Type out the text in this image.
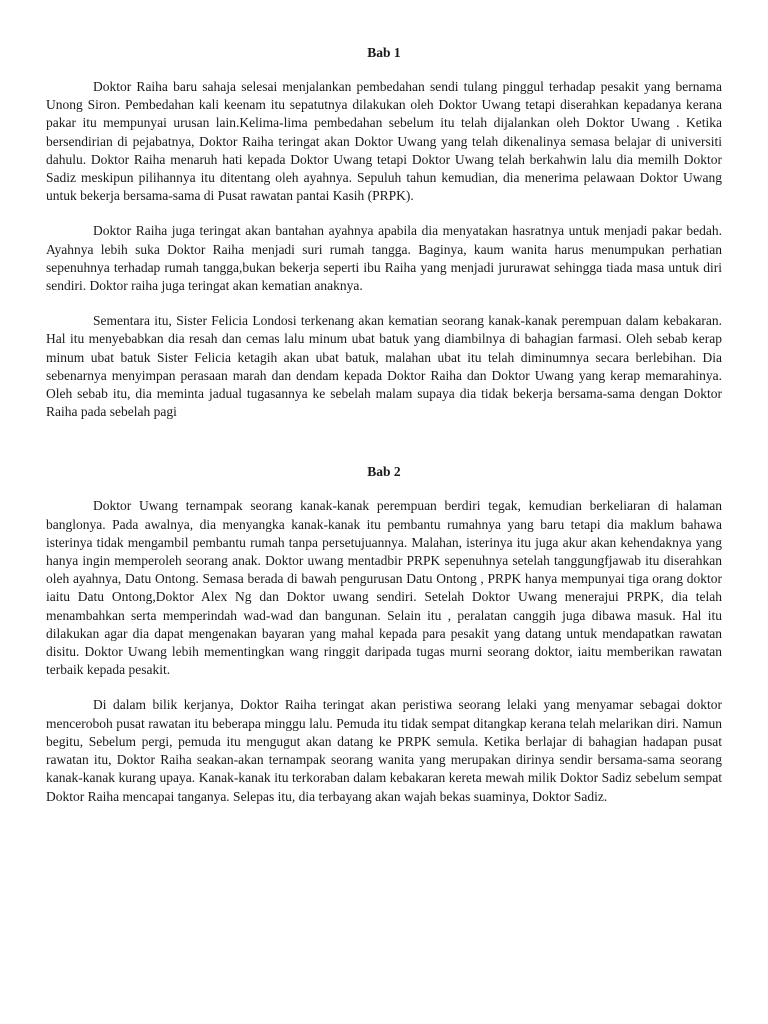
Bab 1

Doktor Raiha baru sahaja selesai menjalankan pembedahan sendi tulang pinggul terhadap pesakit yang bernama Unong Siron. Pembedahan kali keenam itu sepatutnya dilakukan oleh Doktor Uwang tetapi diserahkan kepadanya kerana pakar itu mempunyai urusan lain.Kelima-lima pembedahan sebelum itu telah dijalankan oleh Doktor Uwang . Ketika bersendirian di pejabatnya, Doktor Raiha teringat akan Doktor Uwang yang telah dikenalinya semasa belajar di universiti dahulu. Doktor Raiha menaruh hati kepada Doktor Uwang tetapi Doktor Uwang telah berkahwin lalu dia memilh Doktor Sadiz meskipun pilihannya itu ditentang oleh ayahnya. Sepuluh tahun kemudian, dia menerima pelawaan Doktor Uwang untuk bekerja bersama-sama di Pusat rawatan pantai Kasih (PRPK).

Doktor Raiha juga teringat akan bantahan ayahnya apabila dia menyatakan hasratnya untuk menjadi pakar bedah. Ayahnya lebih suka Doktor Raiha menjadi suri rumah tangga. Baginya, kaum wanita harus menumpukan perhatian sepenuhnya terhadap rumah tangga,bukan bekerja seperti ibu Raiha yang menjadi jururawat sehingga tiada masa untuk diri sendiri. Doktor raiha juga teringat akan kematian anaknya.

Sementara itu, Sister Felicia Londosi terkenang akan kematian seorang kanak-kanak perempuan dalam kebakaran. Hal itu menyebabkan dia resah dan cemas lalu minum ubat batuk yang diambilnya di bahagian farmasi. Oleh sebab kerap minum ubat batuk Sister Felicia ketagih akan ubat batuk, malahan ubat itu telah diminumnya secara berlebihan. Dia sebenarnya menyimpan perasaan marah dan dendam kepada Doktor Raiha dan Doktor Uwang yang kerap memarahinya. Oleh sebab itu, dia meminta jadual tugasannya ke sebelah malam supaya dia tidak bekerja bersama-sama dengan Doktor Raiha pada sebelah pagi

Bab 2

Doktor Uwang ternampak seorang kanak-kanak perempuan berdiri tegak, kemudian berkeliaran di halaman banglonya. Pada awalnya, dia menyangka kanak-kanak itu pembantu rumahnya yang baru tetapi dia maklum bahawa isterinya tidak mengambil pembantu rumah tanpa persetujuannya. Malahan, isterinya itu juga akur akan kehendaknya yang hanya ingin memperoleh seorang anak. Doktor uwang mentadbir PRPK sepenuhnya setelah tanggungfjawab itu diserahkan oleh ayahnya, Datu Ontong. Semasa berada di bawah pengurusan Datu Ontong , PRPK hanya mempunyai tiga orang doktor iaitu Datu Ontong,Doktor Alex Ng dan Doktor uwang sendiri. Setelah Doktor Uwang menerajui PRPK, dia telah menambahkan serta memperindah wad-wad dan bangunan. Selain itu , peralatan canggih juga dibawa masuk. Hal itu dilakukan agar dia dapat mengenakan bayaran yang mahal kepada para pesakit yang datang untuk mendapatkan rawatan disitu. Doktor Uwang lebih mementingkan wang ringgit daripada tugas murni seorang doktor, iaitu memberikan rawatan terbaik kepada pesakit.

Di dalam bilik kerjanya, Doktor Raiha teringat akan peristiwa seorang lelaki yang menyamar sebagai doktor menceroboh pusat rawatan itu beberapa minggu lalu. Pemuda itu tidak sempat ditangkap kerana telah melarikan diri. Namun begitu, Sebelum pergi, pemuda itu mengugut akan datang ke PRPK semula. Ketika berlajar di bahagian hadapan pusat rawatan itu, Doktor Raiha seakan-akan ternampak seorang wanita yang merupakan dirinya sendir bersama-sama seorang kanak-kanak kurang upaya. Kanak-kanak itu terkoraban dalam kebakaran kereta mewah milik Doktor Sadiz sebelum sempat Doktor Raiha mencapai tanganya. Selepas itu, dia terbayang akan wajah bekas suaminya, Doktor Sadiz.
